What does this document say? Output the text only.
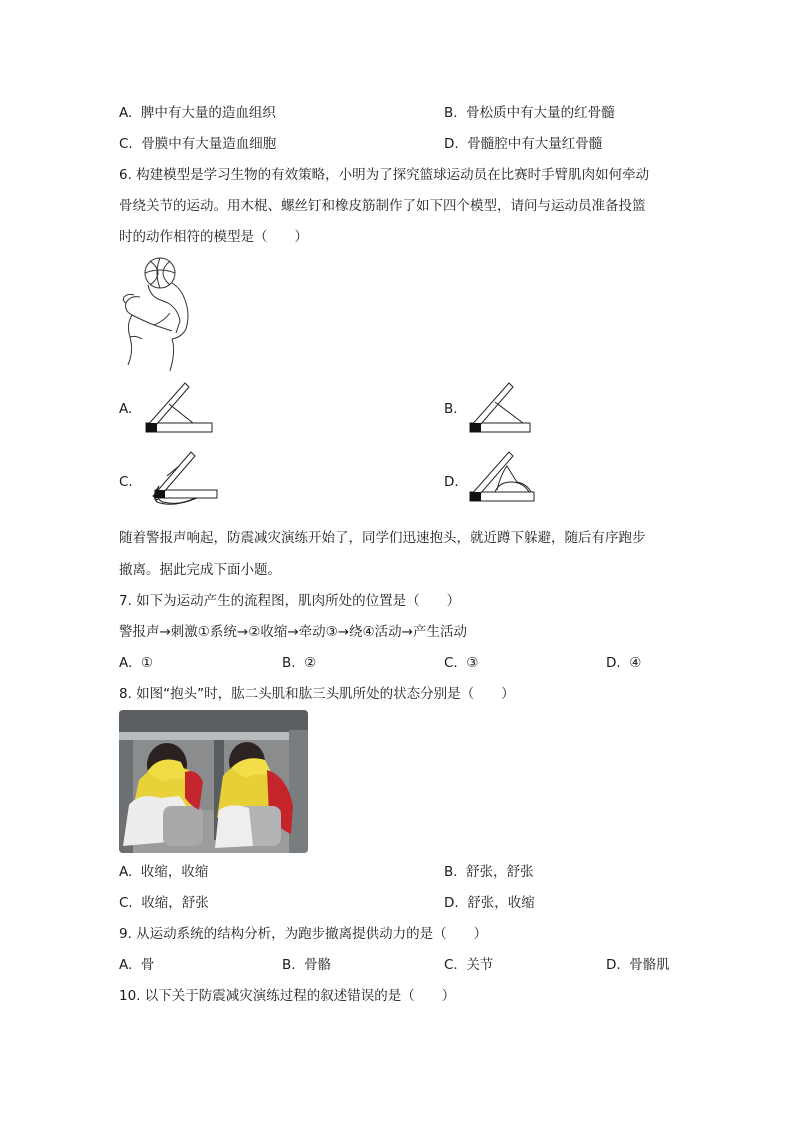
A. 脾中有大量的造血组织	B. 骨松质中有大量的红骨髓
C. 骨膜中有大量造血细胞	D. 骨髓腔中有大量红骨髓
6. 构建模型是学习生物的有效策略，小明为了探究篮球运动员在比赛时手臂肌肉如何牵动
骨绕关节的运动。用木棍、螺丝钉和橡皮筋制作了如下四个模型，请问与运动员准备投篮
时的动作相符的模型是（　　）
A.	B.
C.	D.
随着警报声响起，防震减灾演练开始了，同学们迅速抱头，就近蹲下躲避，随后有序跑步
撤离。据此完成下面小题。
7. 如下为运动产生的流程图，肌肉所处的位置是（　　）
警报声→刺激①系统→②收缩→牵动③→绕④活动→产生活动
A. ①	B. ②	C. ③	D. ④
8. 如图“抱头”时，肱二头肌和肱三头肌所处的状态分别是（　　）
A. 收缩，收缩	B. 舒张，舒张
C. 收缩，舒张	D. 舒张，收缩
9. 从运动系统的结构分析，为跑步撤离提供动力的是（　　）
A. 骨	B. 骨骼	C. 关节	D. 骨骼肌
10. 以下关于防震减灾演练过程的叙述错误的是（　　）
